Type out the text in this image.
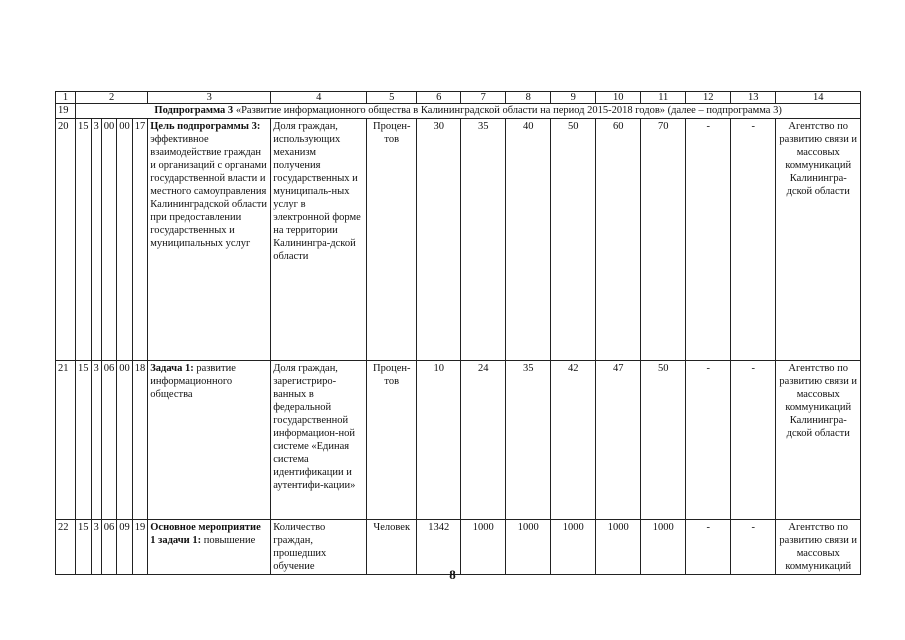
1	2					3	4	5	6	7	8	9	10	11	12	13	14
19	Подпрограмма 3 «Развитие информационного общества в Калининградской области на период 2015-2018 годов» (далее – подпрограмма 3)																
20	15	3	00	00	17	Цель подпрограммы 3: эффективное взаимодействие граждан и организаций с органами государственной власти и местного самоуправления Калининградской области при предоставлении государственных и муниципальных услуг	Доля граждан, использующих механизм получения государственных и муниципаль-ных услуг в электронной форме на территории Калинингра-дской области	Процен-тов	30	35	40	50	60	70	-	-	Агентство по развитию связи и массовых коммуникаций Калинингра-дской области
21	15	3	06	00	18	Задача 1: развитие информационного общества	Доля граждан, зарегистриро-ванных в федеральной государственной информацион-ной системе «Единая система идентификации и аутентифи-кации»	Процен-тов	10	24	35	42	47	50	-	-	Агентство по развитию связи и массовых коммуникаций Калинингра-дской области
22	15	3	06	09	19	Основное мероприятие 1 задачи 1: повышение	Количество граждан, прошедших обучение	Человек	1342	1000	1000	1000	1000	1000	-	-	Агентство по развитию связи и массовых коммуникаций
8
